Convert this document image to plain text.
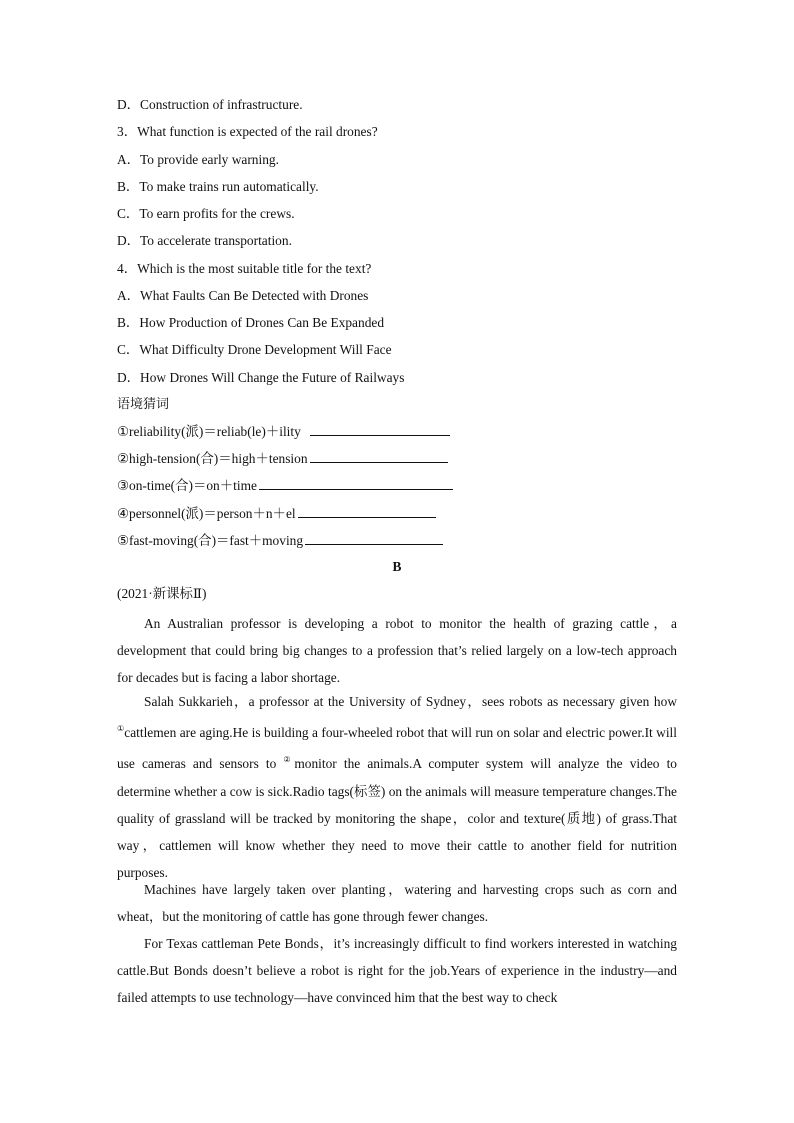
D．Construction of infrastructure.
3．What function is expected of the rail drones?
A．To provide early warning.
B．To make trains run automatically.
C．To earn profits for the crews.
D．To accelerate transportation.
4．Which is the most suitable title for the text?
A．What Faults Can Be Detected with Drones
B．How Production of Drones Can Be Expanded
C．What Difficulty Drone Development Will Face
D．How Drones Will Change the Future of Railways
语境猜词
①reliability(派)＝reliab(le)＋ility
②high-tension(合)＝high＋tension
③on-time(合)＝on＋time
④personnel(派)＝person＋n＋el
⑤fast-moving(合)＝fast＋moving
B
(2021·新课标Ⅱ)
An Australian professor is developing a robot to monitor the health of grazing cattle，a development that could bring big changes to a profession that’s relied largely on a low-tech approach for decades but is facing a labor shortage.
Salah Sukkarieh，a professor at the University of Sydney，sees robots as necessary given how ①cattlemen are aging.He is building a four-wheeled robot that will run on solar and electric power.It will use cameras and sensors to ②monitor the animals.A computer system will analyze the video to determine whether a cow is sick.Radio tags(标签) on the animals will measure temperature changes.The quality of grassland will be tracked by monitoring the shape，color and texture(质地) of grass.That way，cattlemen will know whether they need to move their cattle to another field for nutrition purposes.
Machines have largely taken over planting，watering and harvesting crops such as corn and wheat，but the monitoring of cattle has gone through fewer changes.
For Texas cattleman Pete Bonds，it’s increasingly difficult to find workers interested in watching cattle.But Bonds doesn’t believe a robot is right for the job.Years of experience in the industry—and failed attempts to use technology—have convinced him that the best way to check
